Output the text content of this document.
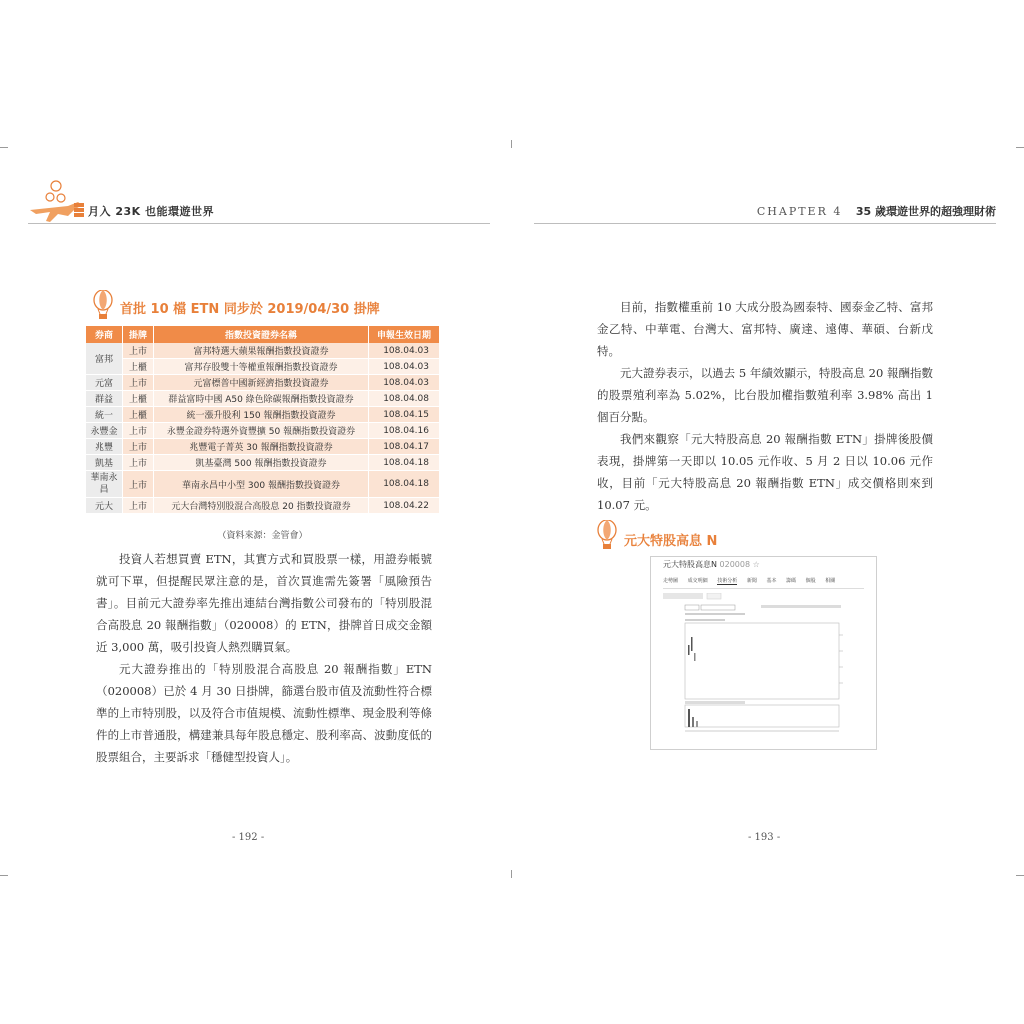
月入 23K 也能環遊世界	CHAPTER 4 35 歲環遊世界的超強理財術
首批 10 檔 ETN 同步於 2019/04/30 掛牌
券商	掛牌	指數投資證券名稱	申報生效日期
富邦	上市	富邦特選大蘋果報酬指數投資證券	108.04.03
	上櫃	富邦存股雙十等權重報酬指數投資證券	108.04.03
元富	上市	元富標普中國新經濟指數投資證券	108.04.03
群益	上櫃	群益富時中國 A50 綠色除碳報酬指數投資證券	108.04.08
統一	上櫃	統一漲升股利 150 報酬指數投資證券	108.04.15
永豐金	上市	永豐金證券特選外資豐擴 50 報酬指數投資證券	108.04.16
兆豐	上市	兆豐電子菁英 30 報酬指數投資證券	108.04.17
凱基	上市	凱基臺灣 500 報酬指數投資證券	108.04.18
華南永昌	上市	華南永昌中小型 300 報酬指數投資證券	108.04.18
元大	上市	元大台灣特別股混合高股息 20 指數投資證券	108.04.22
（資料來源：金管會）

投資人若想買賣 ETN，其實方式和買股票一樣，用證券帳號就可下單，但提醒民眾注意的是，首次買進需先簽署「風險預告書」。目前元大證券率先推出連結台灣指數公司發布的「特別股混合高股息 20 報酬指數」（020008）的 ETN，掛牌首日成交金額近 3,000 萬，吸引投資人熱烈購買氣。

元大證券推出的「特別股混合高股息 20 報酬指數」ETN（020008）已於 4 月 30 日掛牌，篩選台股市值及流動性符合標準的上市特別股，以及符合市值規模、流動性標準、現金股利等條件的上市普通股，構建兼具每年股息穩定、股利率高、波動度低的股票組合，主要訴求「穩健型投資人」。

- 192 -

目前，指數權重前 10 大成分股為國泰特、國泰金乙特、富邦金乙特、中華電、台灣大、富邦特、廣達、遠傳、華碩、台新戊特。

元大證券表示，以過去 5 年績效顯示，特股高息 20 報酬指數的股票殖利率為 5.02%，比台股加權指數殖利率 3.98% 高出 1 個百分點。

我們來觀察「元大特股高息 20 報酬指數 ETN」掛牌後股價表現，掛牌第一天即以 10.05 元作收、5 月 2 日以 10.06 元作收，目前「元大特股高息 20 報酬指數 ETN」成交價格則來到 10.07 元。

元大特股高息 N
元大特股高息N 020008 ☆
走勢圖 成交明細 技術分析 新聞 基本 籌碼 個股 相關
- 193 -
